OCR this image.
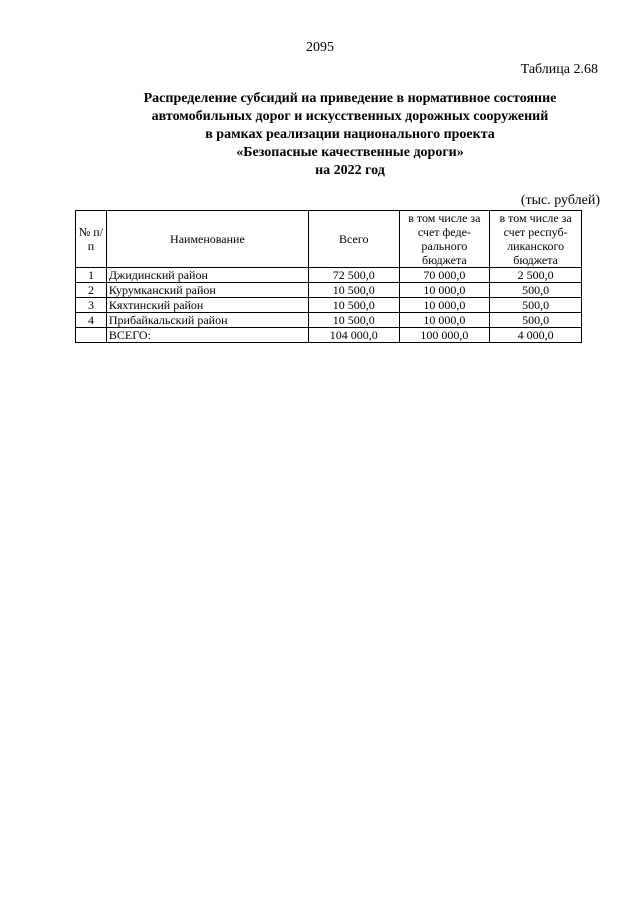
2095
Таблица 2.68
Распределение субсидий на приведение в нормативное состояние
автомобильных дорог и искусственных дорожных сооружений
в рамках реализации национального проекта
«Безопасные качественные дороги»
на 2022 год
(тыс. рублей)
№ п/п	Наименование	Всего	в том числе за счет феде-рального бюджета	в том числе за счет респуб-ликанского бюджета
1	Джидинский район	72 500,0	70 000,0	2 500,0
2	Курумканский район	10 500,0	10 000,0	500,0
3	Кяхтинский район	10 500,0	10 000,0	500,0
4	Прибайкальский район	10 500,0	10 000,0	500,0
	ВСЕГО:	104 000,0	100 000,0	4 000,0
